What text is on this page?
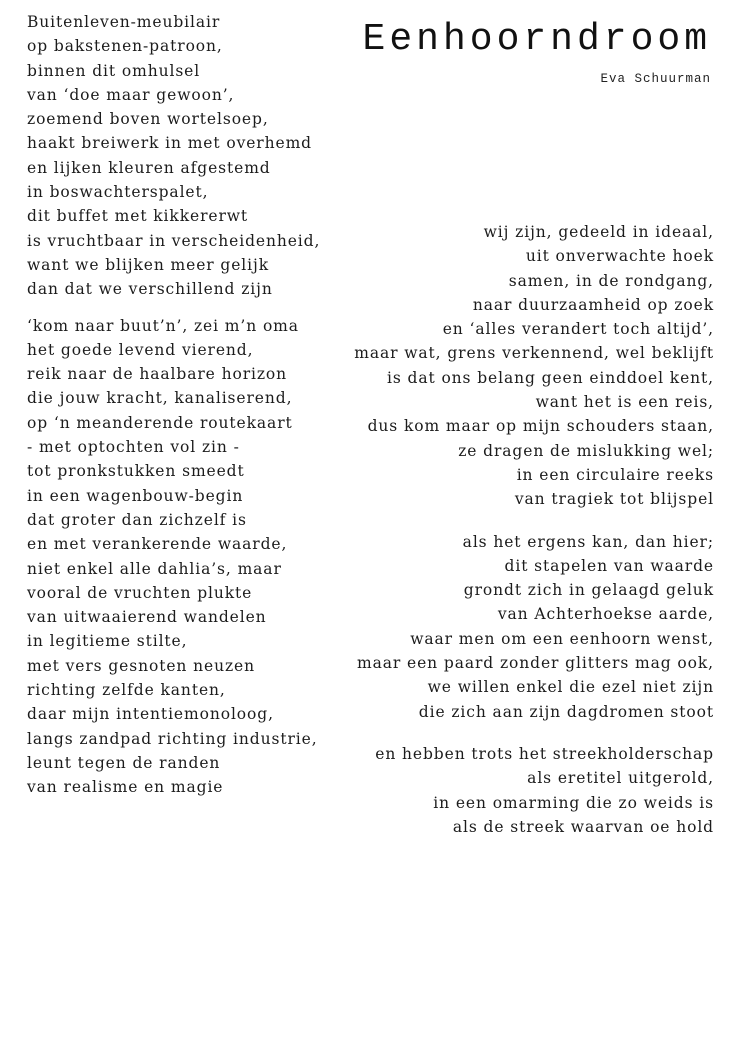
Eenhoorndroom
Eva Schuurman
Buitenleven-meubilair
op bakstenen-patroon,
binnen dit omhulsel
van ‘doe maar gewoon’,
zoemend boven wortelsoep,
haakt breiwerk in met overhemd
en lijken kleuren afgestemd
in boswachterspalet,
dit buffet met kikkererwt
is vruchtbaar in verscheidenheid,
want we blijken meer gelijk
dan dat we verschillend zijn
‘kom naar buut’n’, zei m’n oma
het goede levend vierend,
reik naar de haalbare horizon
die jouw kracht, kanaliserend,
op ‘n meanderende routekaart
- met optochten vol zin -
tot pronkstukken smeedt
in een wagenbouw-begin
dat groter dan zichzelf is
en met verankerende waarde,
niet enkel alle dahlia’s, maar
vooral de vruchten plukte
van uitwaaierend wandelen
in legitieme stilte,
met vers gesnoten neuzen
richting zelfde kanten,
daar mijn intentiemonoloog,
langs zandpad richting industrie,
leunt tegen de randen
van realisme en magie
wij zijn, gedeeld in ideaal,
uit onverwachte hoek
samen, in de rondgang,
naar duurzaamheid op zoek
en ‘alles verandert toch altijd’,
maar wat, grens verkennend, wel beklijft
is dat ons belang geen einddoel kent,
want het is een reis,
dus kom maar op mijn schouders staan,
ze dragen de mislukking wel;
in een circulaire reeks
van tragiek tot blijspel
als het ergens kan, dan hier;
dit stapelen van waarde
grondt zich in gelaagd geluk
van Achterhoekse aarde,
waar men om een eenhoorn wenst,
maar een paard zonder glitters mag ook,
we willen enkel die ezel niet zijn
die zich aan zijn dagdromen stoot
en hebben trots het streekholderschap
als eretitel uitgerold,
in een omarming die zo weids is
als de streek waarvan oe hold
